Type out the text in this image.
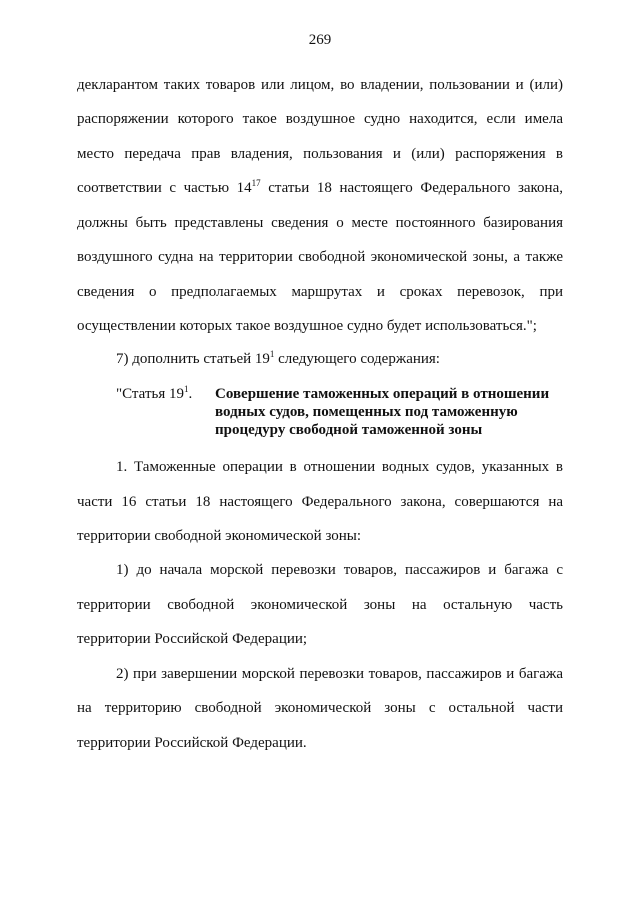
269
декларантом таких товаров или лицом, во владении, пользовании и (или)
распоряжении которого такое воздушное судно находится, если имела
место передача прав владения, пользования и (или) распоряжения в
соответствии с частью $14^{17}$ статьи 18 настоящего Федерального закона,
должны быть представлены сведения о месте постоянного базирования
воздушного судна на территории свободной экономической зоны, а также
сведения о предполагаемых маршрутах и сроках перевозок, при
осуществлении которых такое воздушное судно будет использоваться.";
7) дополнить статьей $19^1$ следующего содержания:
"Статья $19^1$. Совершение таможенных операций в отношении
водных судов, помещенных под таможенную
процедуру свободной таможенной зоны
1. Таможенные операции в отношении водных судов, указанных в
части 16 статьи 18 настоящего Федерального закона, совершаются на
территории свободной экономической зоны:
1) до начала морской перевозки товаров, пассажиров и багажа с
территории свободной экономической зоны на остальную часть
территории Российской Федерации;
2) при завершении морской перевозки товаров, пассажиров и багажа
на территорию свободной экономической зоны с остальной части
территории Российской Федерации.
